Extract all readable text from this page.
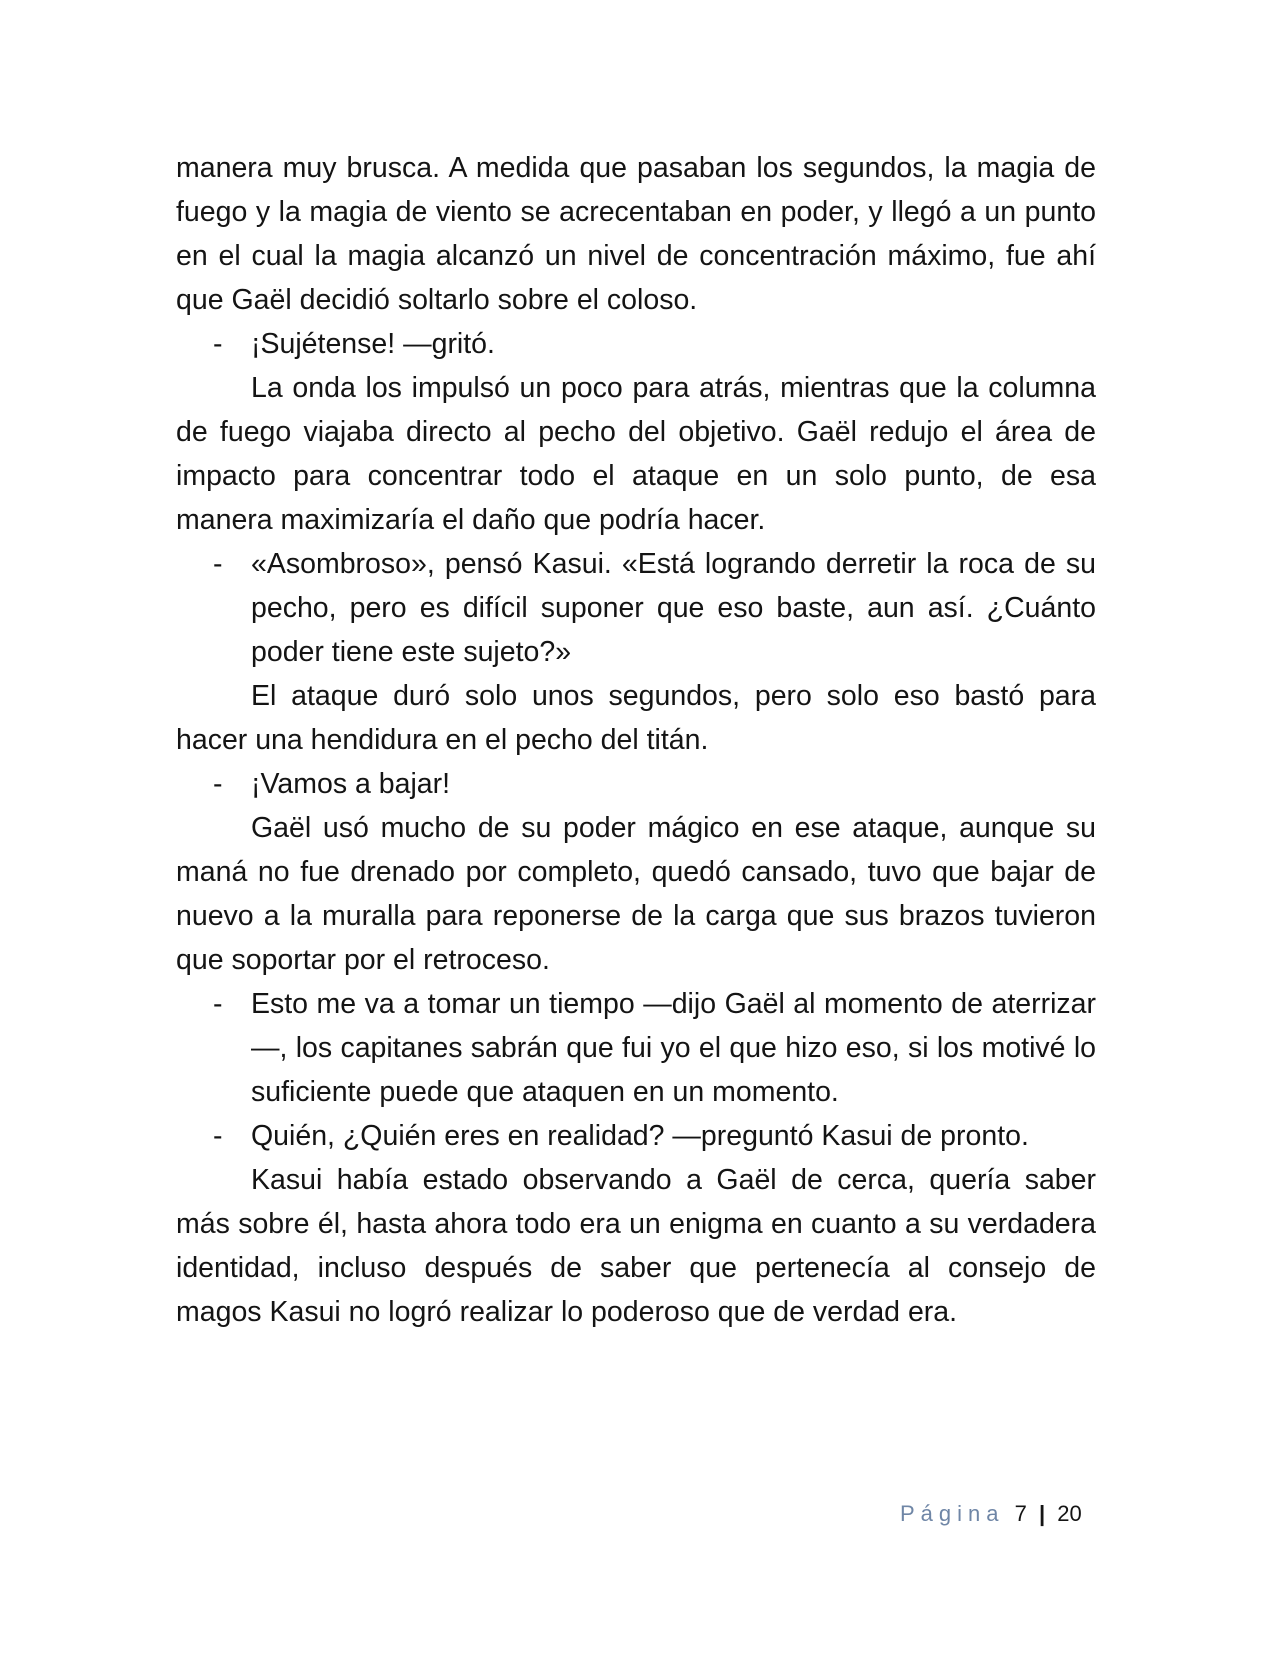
manera muy brusca. A medida que pasaban los segundos, la magia de fuego y la magia de viento se acrecentaban en poder, y llegó a un punto en el cual la magia alcanzó un nivel de concentración máximo, fue ahí que Gaël decidió soltarlo sobre el coloso.

- ¡Sujétense! —gritó.

La onda los impulsó un poco para atrás, mientras que la columna de fuego viajaba directo al pecho del objetivo. Gaël redujo el área de impacto para concentrar todo el ataque en un solo punto, de esa manera maximizaría el daño que podría hacer.

- «Asombroso», pensó Kasui. «Está logrando derretir la roca de su pecho, pero es difícil suponer que eso baste, aun así. ¿Cuánto poder tiene este sujeto?»

El ataque duró solo unos segundos, pero solo eso bastó para hacer una hendidura en el pecho del titán.

- ¡Vamos a bajar!

Gaël usó mucho de su poder mágico en ese ataque, aunque su maná no fue drenado por completo, quedó cansado, tuvo que bajar de nuevo a la muralla para reponerse de la carga que sus brazos tuvieron que soportar por el retroceso.

- Esto me va a tomar un tiempo —dijo Gaël al momento de aterrizar—, los capitanes sabrán que fui yo el que hizo eso, si los motivé lo suficiente puede que ataquen en un momento.
- Quién, ¿Quién eres en realidad? —preguntó Kasui de pronto.

Kasui había estado observando a Gaël de cerca, quería saber más sobre él, hasta ahora todo era un enigma en cuanto a su verdadera identidad, incluso después de saber que pertenecía al consejo de magos Kasui no logró realizar lo poderoso que de verdad era.

Página 7 | 20
